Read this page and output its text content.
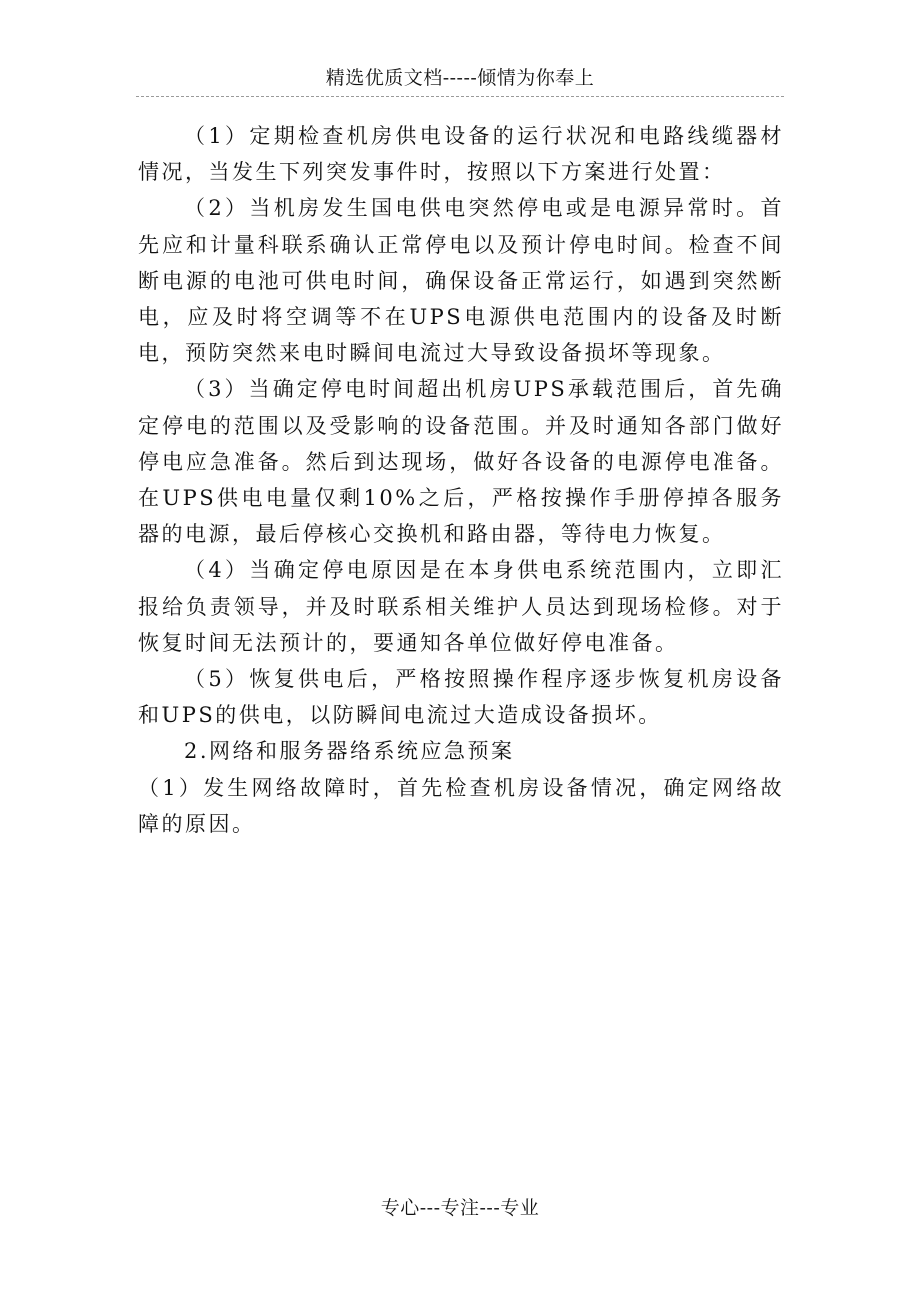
精选优质文档-----倾情为你奉上

（1）定期检查机房供电设备的运行状况和电路线缆器材情况，当发生下列突发事件时，按照以下方案进行处置：

（2）当机房发生国电供电突然停电或是电源异常时。首先应和计量科联系确认正常停电以及预计停电时间。检查不间断电源的电池可供电时间，确保设备正常运行，如遇到突然断电，应及时将空调等不在UPS电源供电范围内的设备及时断电，预防突然来电时瞬间电流过大导致设备损坏等现象。

（3）当确定停电时间超出机房UPS承载范围后，首先确定停电的范围以及受影响的设备范围。并及时通知各部门做好停电应急准备。然后到达现场，做好各设备的电源停电准备。在UPS供电电量仅剩10%之后，严格按操作手册停掉各服务器的电源，最后停核心交换机和路由器，等待电力恢复。

（4）当确定停电原因是在本身供电系统范围内，立即汇报给负责领导，并及时联系相关维护人员达到现场检修。对于恢复时间无法预计的，要通知各单位做好停电准备。

（5）恢复供电后，严格按照操作程序逐步恢复机房设备和UPS的供电，以防瞬间电流过大造成设备损坏。

2.网络和服务器络系统应急预案

（1）发生网络故障时，首先检查机房设备情况，确定网络故障的原因。

专心---专注---专业
